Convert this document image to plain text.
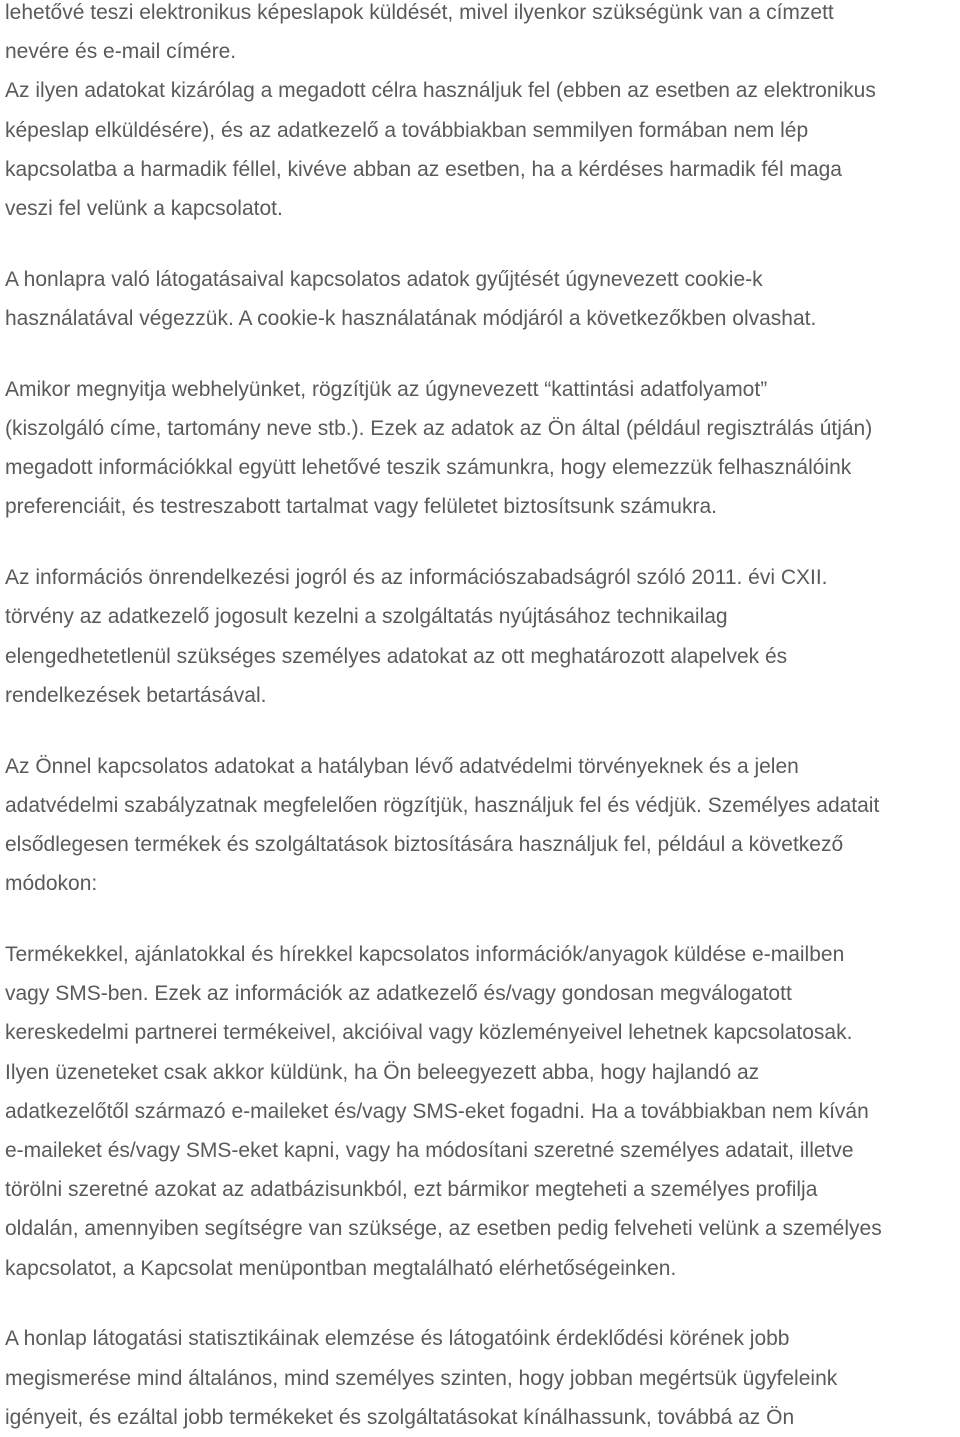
lehetővé teszi elektronikus képeslapok küldését, mivel ilyenkor szükségünk van a címzett
nevére és e-mail címére.
Az ilyen adatokat kizárólag a megadott célra használjuk fel (ebben az esetben az elektronikus
képeslap elküldésére), és az adatkezelő a továbbiakban semmilyen formában nem lép
kapcsolatba a harmadik féllel, kivéve abban az esetben, ha a kérdéses harmadik fél maga
veszi fel velünk a kapcsolatot.

A honlapra való látogatásaival kapcsolatos adatok gyűjtését úgynevezett cookie-k
használatával végezzük. A cookie-k használatának módjáról a következőkben olvashat.

Amikor megnyitja webhelyünket, rögzítjük az úgynevezett “kattintási adatfolyamot”
(kiszolgáló címe, tartomány neve stb.). Ezek az adatok az Ön által (például regisztrálás útján)
megadott információkkal együtt lehetővé teszik számunkra, hogy elemezzük felhasználóink
preferenciáit, és testreszabott tartalmat vagy felületet biztosítsunk számukra.

Az információs önrendelkezési jogról és az információszabadságról szóló 2011. évi CXII.
törvény az adatkezelő jogosult kezelni a szolgáltatás nyújtásához technikailag
elengedhetetlenül szükséges személyes adatokat az ott meghatározott alapelvek és
rendelkezések betartásával.

Az Önnel kapcsolatos adatokat a hatályban lévő adatvédelmi törvényeknek és a jelen
adatvédelmi szabályzatnak megfelelően rögzítjük, használjuk fel és védjük. Személyes adatait
elsődlegesen termékek és szolgáltatások biztosítására használjuk fel, például a következő
módokon:

Termékekkel, ajánlatokkal és hírekkel kapcsolatos információk/anyagok küldése e-mailben
vagy SMS-ben. Ezek az információk az adatkezelő és/vagy gondosan megválogatott
kereskedelmi partnerei termékeivel, akcióival vagy közleményeivel lehetnek kapcsolatosak.
Ilyen üzeneteket csak akkor küldünk, ha Ön beleegyezett abba, hogy hajlandó az
adatkezelőtől származó e-maileket és/vagy SMS-eket fogadni. Ha a továbbiakban nem kíván
e-maileket és/vagy SMS-eket kapni, vagy ha módosítani szeretné személyes adatait, illetve
törölni szeretné azokat az adatbázisunkból, ezt bármikor megteheti a személyes profilja
oldalán, amennyiben segítségre van szüksége, az esetben pedig felveheti velünk a személyes
kapcsolatot, a Kapcsolat menüpontban megtalálható elérhetőségeinken.

A honlap látogatási statisztikáinak elemzése és látogatóink érdeklődési körének jobb
megismerése mind általános, mind személyes szinten, hogy jobban megértsük ügyfeleink
igényeit, és ezáltal jobb termékeket és szolgáltatásokat kínálhassunk, továbbá az Ön
